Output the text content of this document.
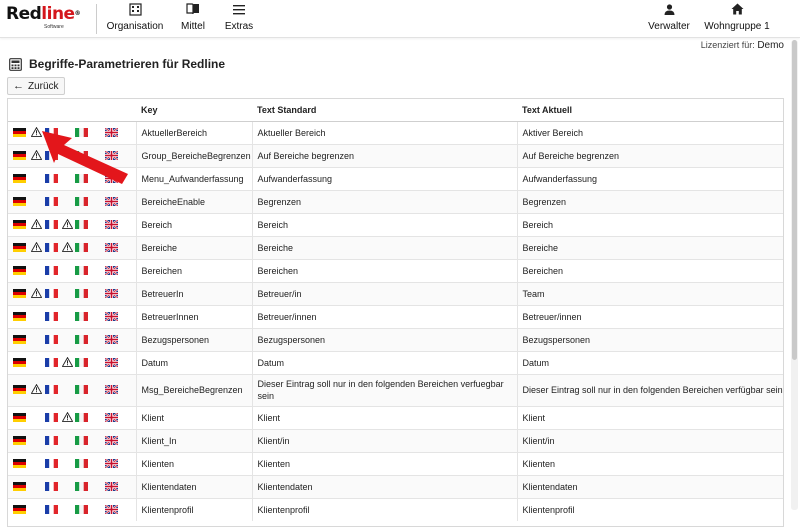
Redline®
Software	Organisation	Mittel	Extras	Verwalter Wohngruppe 1
Lizenziert für: Demo
Begriffe-Parametrieren für Redline
← Zurück
	Key	Text Standard	Text Aktuell

	AktuellerBereich	Aktueller Bereich	Aktiver Bereich

	Group_BereicheBegrenzen	Auf Bereiche begrenzen	Auf Bereiche begrenzen

	Menu_Aufwanderfassung	Aufwanderfassung	Aufwanderfassung

	BereicheEnable	Begrenzen	Begrenzen

	Bereich	Bereich	Bereich

	Bereiche	Bereiche	Bereiche

	Bereichen	Bereichen	Bereichen

	BetreuerIn	Betreuer/in	Team

	BetreuerInnen	Betreuer/innen	Betreuer/innen

	Bezugspersonen	Bezugspersonen	Bezugspersonen

	Datum	Datum	Datum

	Msg_BereicheBegrenzen	Dieser Eintrag soll nur in den folgenden Bereichen verfuegbar sein	Dieser Eintrag soll nur in den folgenden Bereichen verfügbar sein

	Klient	Klient	Klient

	Klient_In	Klient/in	Klient/in

	Klienten	Klienten	Klienten

	Klientendaten	Klientendaten	Klientendaten

	Klientenprofil	Klientenprofil	Klientenprofil
